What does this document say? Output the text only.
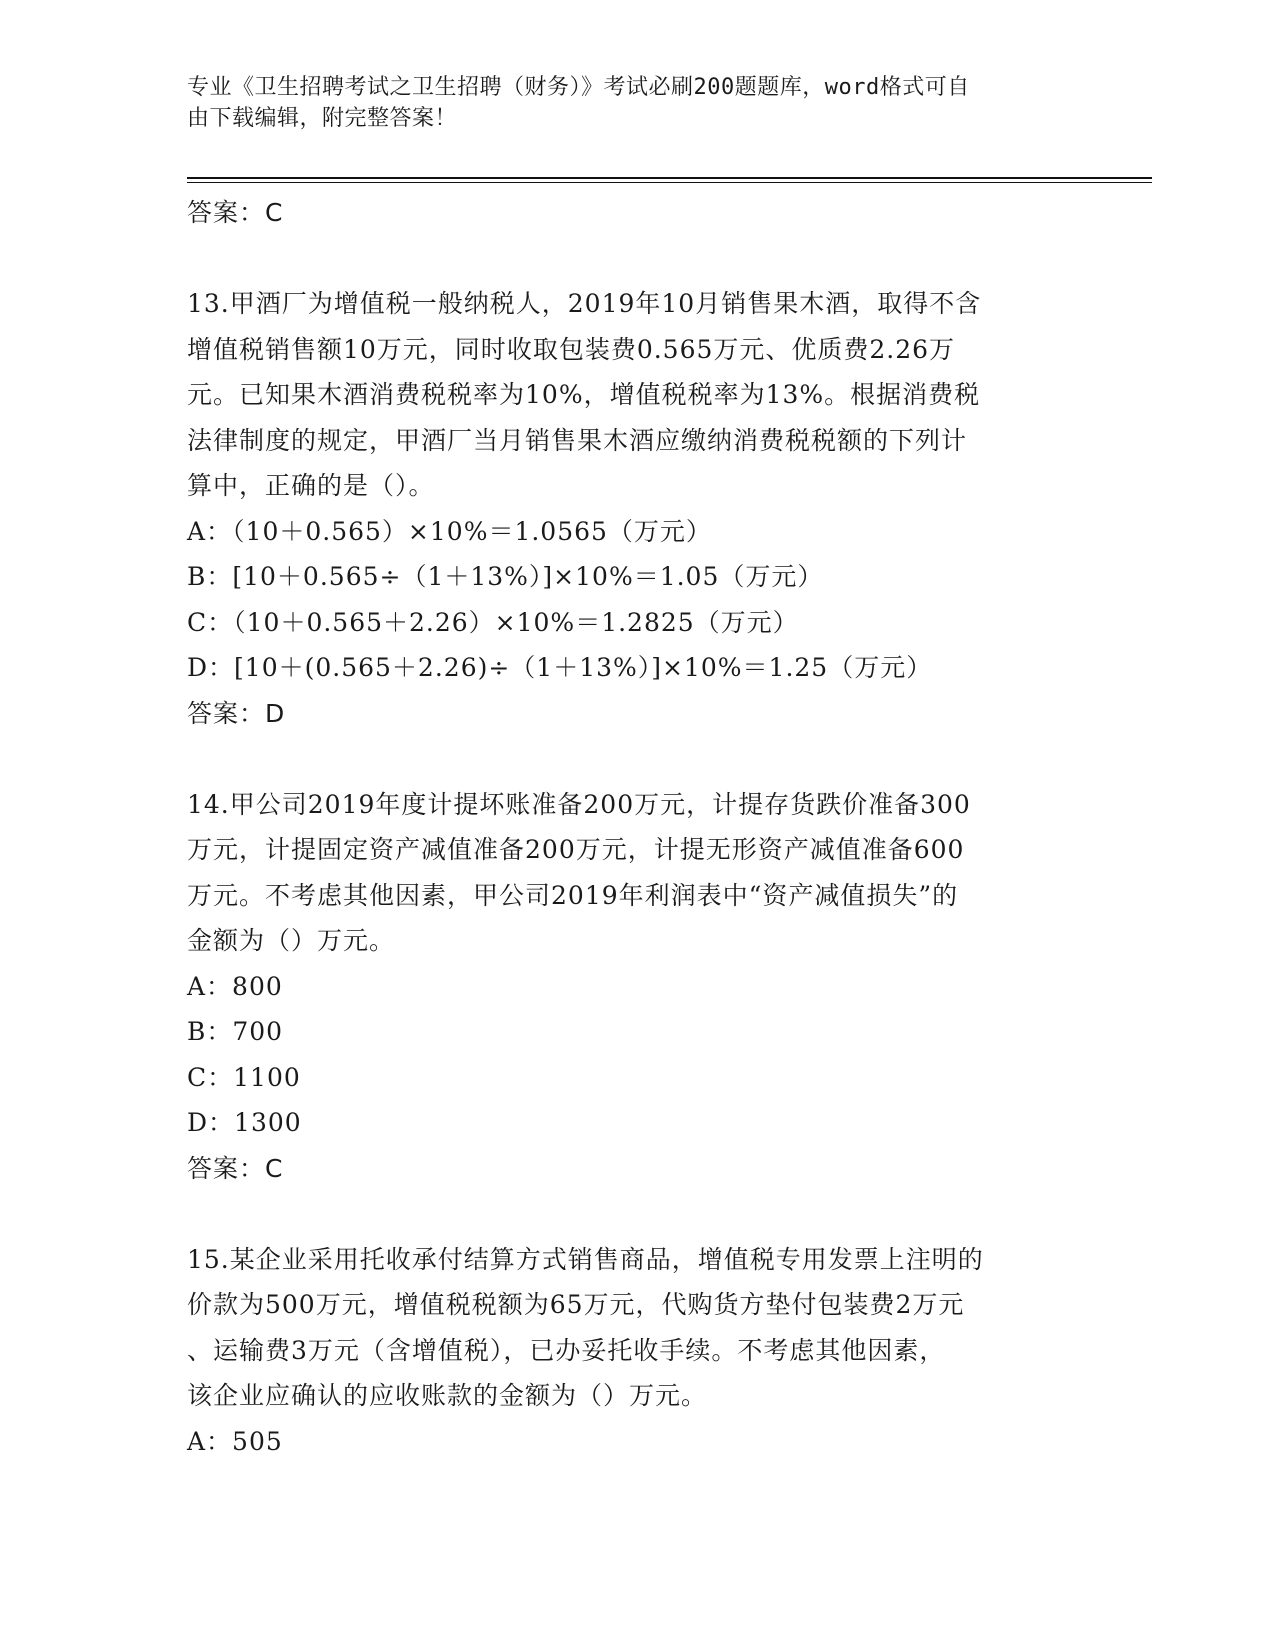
专业《卫生招聘考试之卫生招聘（财务）》考试必刷200题题库，word格式可自
由下载编辑，附完整答案！

答案：C

13.甲酒厂为增值税一般纳税人，2019年10月销售果木酒，取得不含

增值税销售额10万元，同时收取包装费0.565万元、优质费2.26万

元。已知果木酒消费税税率为10%，增值税税率为13%。根据消费税

法律制度的规定，甲酒厂当月销售果木酒应缴纳消费税税额的下列计

算中，正确的是（）。

A：（10＋0.565）×10%＝1.0565（万元）

B：[10＋0.565÷（1＋13%）]×10%＝1.05（万元）

C：（10＋0.565＋2.26）×10%＝1.2825（万元）

D：[10＋(0.565＋2.26)÷（1＋13%）]×10%＝1.25（万元）

答案：D

14.甲公司2019年度计提坏账准备200万元，计提存货跌价准备300

万元，计提固定资产减值准备200万元，计提无形资产减值准备600

万元。不考虑其他因素，甲公司2019年利润表中“资产减值损失”的

金额为（）万元。

A：800

B：700

C：1100

D：1300

答案：C

15.某企业采用托收承付结算方式销售商品，增值税专用发票上注明的

价款为500万元，增值税税额为65万元，代购货方垫付包装费2万元

、运输费3万元（含增值税），已办妥托收手续。不考虑其他因素，

该企业应确认的应收账款的金额为（）万元。

A：505
